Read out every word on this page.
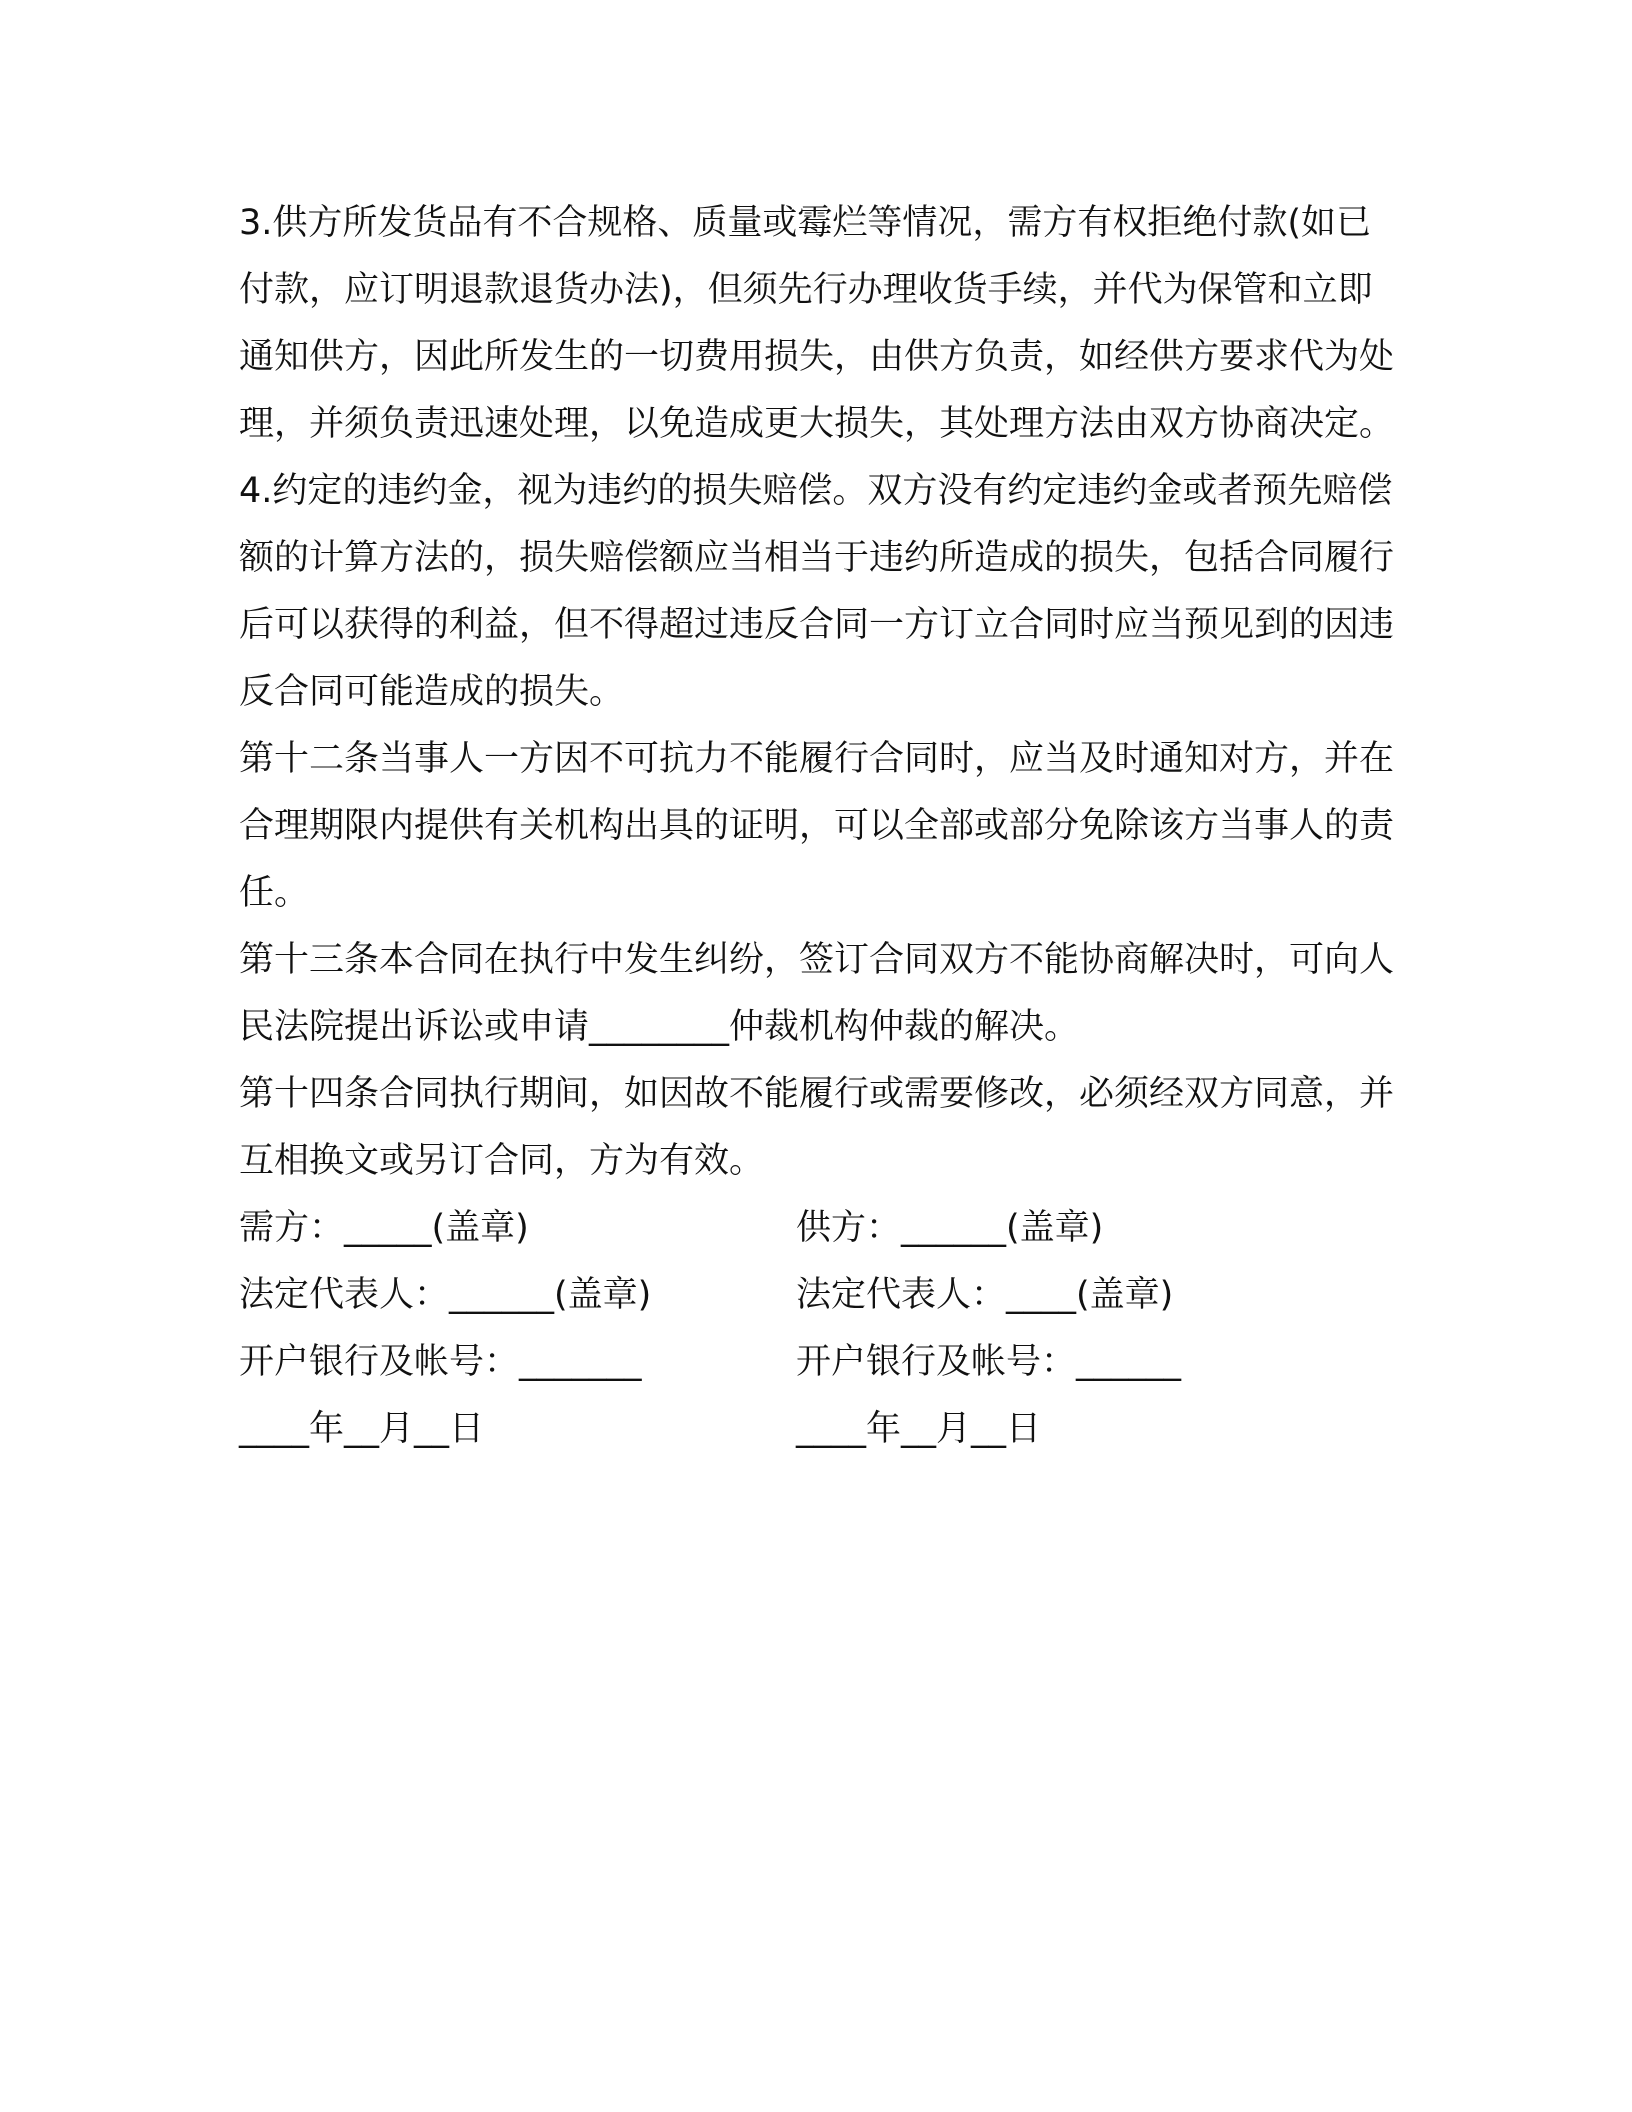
3.供方所发货品有不合规格、质量或霉烂等情况，需方有权拒绝付款(如已付款，应订明退款退货办法)，但须先行办理收货手续，并代为保管和立即通知供方，因此所发生的一切费用损失，由供方负责，如经供方要求代为处理，并须负责迅速处理，以免造成更大损失，其处理方法由双方协商决定。

4.约定的违约金，视为违约的损失赔偿。双方没有约定违约金或者预先赔偿额的计算方法的，损失赔偿额应当相当于违约所造成的损失，包括合同履行后可以获得的利益，但不得超过违反合同一方订立合同时应当预见到的因违反合同可能造成的损失。

第十二条当事人一方因不可抗力不能履行合同时，应当及时通知对方，并在合理期限内提供有关机构出具的证明，可以全部或部分免除该方当事人的责任。

第十三条本合同在执行中发生纠纷，签订合同双方不能协商解决时，可向人民法院提出诉讼或申请________仲裁机构仲裁的解决。

第十四条合同执行期间，如因故不能履行或需要修改，必须经双方同意，并互相换文或另订合同，方为有效。

需方：_____(盖章)	供方：______(盖章)
法定代表人：______(盖章)	法定代表人：____(盖章)
开户银行及帐号：_______	开户银行及帐号：______
____年__月__日	____年__月__日
